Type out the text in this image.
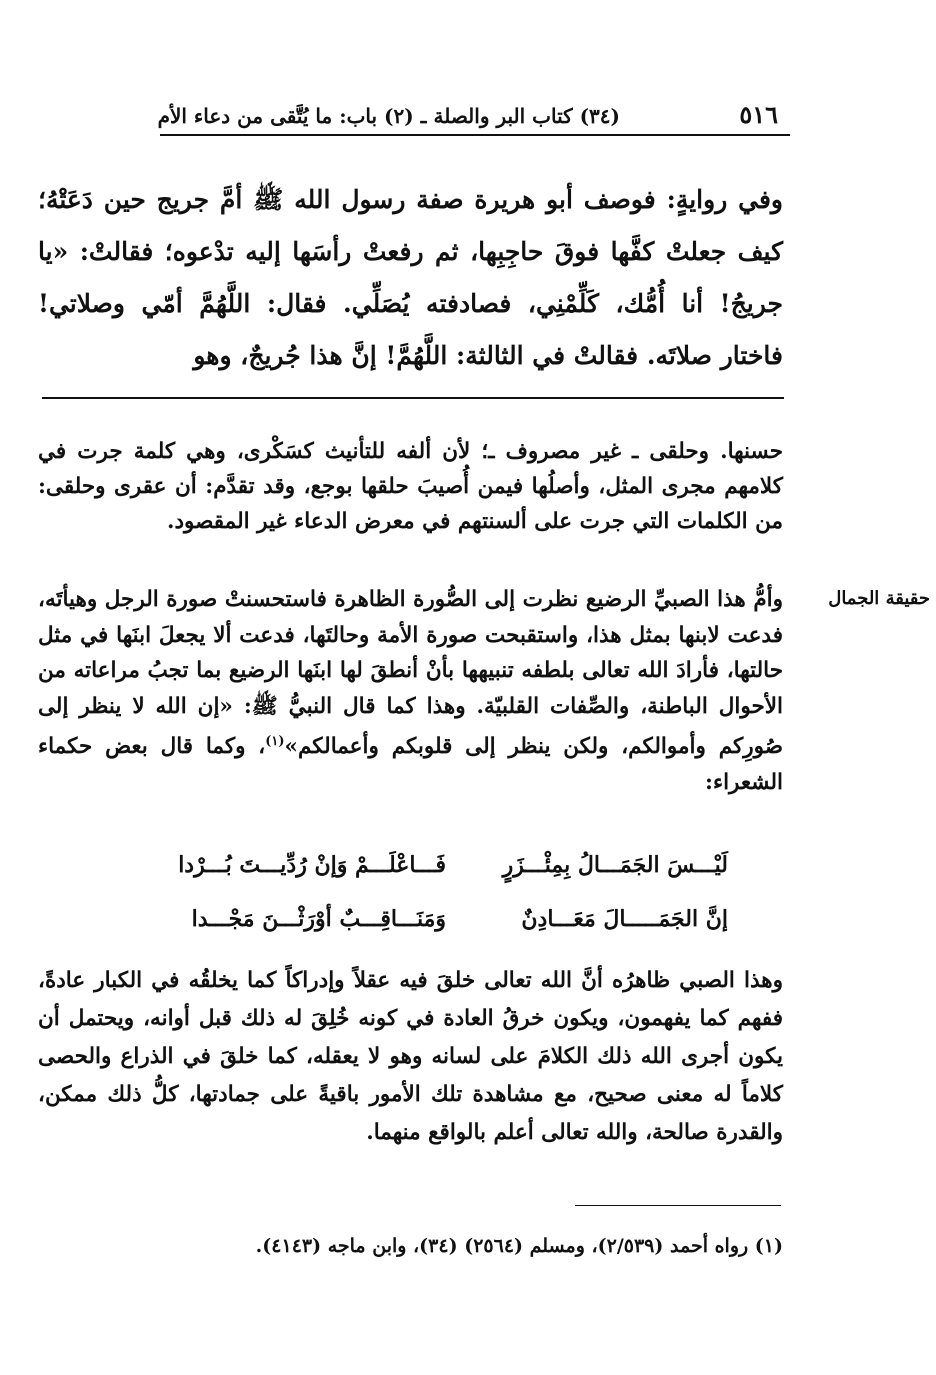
٥١٦
(٣٤) كتاب البر والصلة ـ (٢) باب: ما يُتَّقى من دعاء الأم
وفي روايةٍ: فوصف أبو هريرة صفة رسول الله ﷺ أمَّ جريج حين دَعَتْهُ؛ كيف جعلتْ كفَّها فوقَ حاجِبِها، ثم رفعتْ رأسَها إليه تدْعوه؛ فقالتْ: «يا جريجُ! أنا أُمُّك، كَلِّمْنِي، فصادفته يُصَلِّي. فقال: اللَّهُمَّ أمّي وصلاتي! فاختار صلاتَه. فقالتْ في الثالثة: اللَّهُمَّ! إنَّ هذا جُريجٌ، وهو
حسنها. وحلقى ـ غير مصروف ـ؛ لأن ألفه للتأنيث كسَكْرى، وهي كلمة جرت في كلامهم مجرى المثل، وأصلُها فيمن أُصيبَ حلقها بوجع، وقد تقدَّم: أن عقرى وحلقى: من الكلمات التي جرت على ألسنتهم في معرض الدعاء غير المقصود.
حقيقة الجمال
وأمُّ هذا الصبيِّ الرضيع نظرت إلى الصُّورة الظاهرة فاستحسنتْ صورة الرجل وهيأتَه، فدعت لابنها بمثل هذا، واستقبحت صورة الأمة وحالتَها، فدعت ألا يجعلَ ابنَها في مثل حالتها، فأرادَ الله تعالى بلطفه تنبيهها بأنْ أنطقَ لها ابنَها الرضيع بما تجبُ مراعاته من الأحوال الباطنة، والصِّفات القلبيّة. وهذا كما قال النبيُّ ﷺ: «إن الله لا ينظر إلى صُورِكم وأموالكم، ولكن ينظر إلى قلوبكم وأعمالكم»$^{(١)}$، وكما قال بعض حكماء الشعراء:
لَيْـــسَ الجَمَـــالُ بِمِئْـــزَرٍ
فَـــاعْلَـــمْ وَإنْ رُدِّيـــتَ بُـــرْدا
إنَّ الجَمَـــــالَ مَعَـــادِنٌ
وَمَنَـــاقِـــبٌ أوْرَثْـــنَ مَجْـــدا
وهذا الصبي ظاهرُه أنَّ الله تعالى خلقَ فيه عقلاً وإدراكاً كما يخلقُه في الكبار عادةً، ففهم كما يفهمون، ويكون خرقُ العادة في كونه خُلِقَ له ذلك قبل أوانه، ويحتمل أن يكون أجرى الله ذلك الكلامَ على لسانه وهو لا يعقله، كما خلقَ في الذراع والحصى كلاماً له معنى صحيح، مع مشاهدة تلك الأمور باقيةً على جمادتها، كلُّ ذلك ممكن، والقدرة صالحة، والله تعالى أعلم بالواقع منهما.
(١) رواه أحمد (٢/٥٣٩)، ومسلم (٢٥٦٤) (٣٤)، وابن ماجه (٤١٤٣).
